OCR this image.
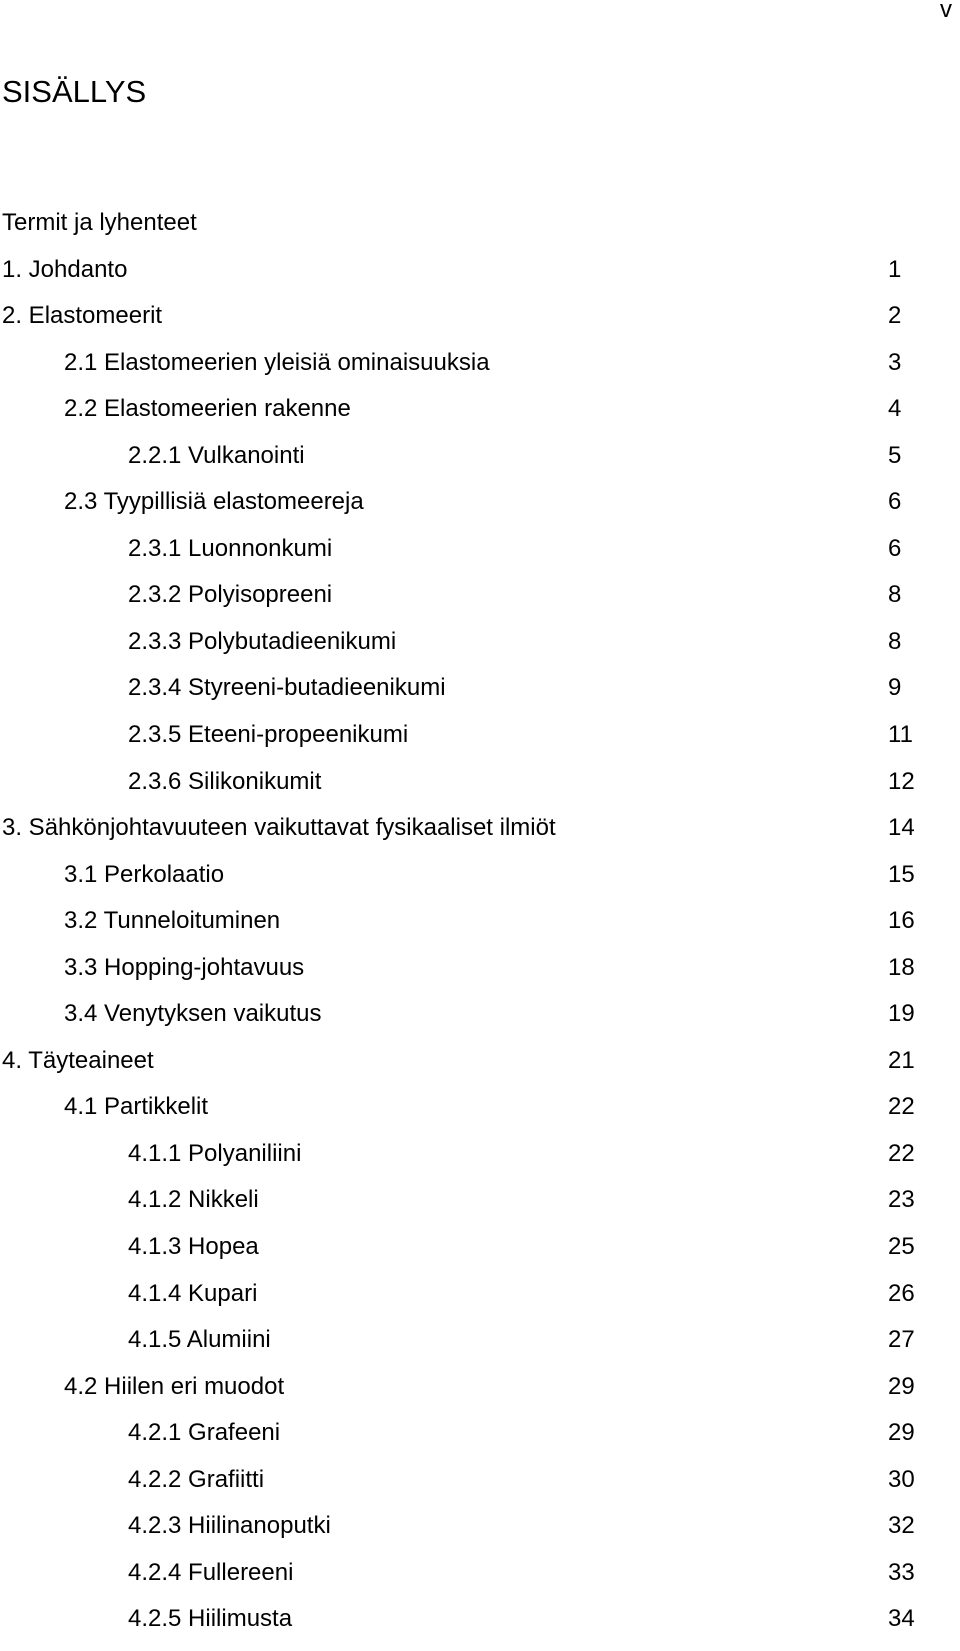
v
SISÄLLYS
Termit ja lyhenteet
1. Johdanto	1
2. Elastomeerit	2
2.1 Elastomeerien yleisiä ominaisuuksia	3
2.2 Elastomeerien rakenne	4
2.2.1 Vulkanointi	5
2.3 Tyypillisiä elastomeereja	6
2.3.1 Luonnonkumi	6
2.3.2 Polyisopreeni	8
2.3.3 Polybutadieenikumi	8
2.3.4 Styreeni-butadieenikumi	9
2.3.5 Eteeni-propeenikumi	11
2.3.6 Silikonikumit	12
3. Sähkönjohtavuuteen vaikuttavat fysikaaliset ilmiöt	14
3.1 Perkolaatio	15
3.2 Tunneloituminen	16
3.3 Hopping-johtavuus	18
3.4 Venytyksen vaikutus	19
4. Täyteaineet	21
4.1 Partikkelit	22
4.1.1 Polyaniliini	22
4.1.2 Nikkeli	23
4.1.3 Hopea	25
4.1.4 Kupari	26
4.1.5 Alumiini	27
4.2 Hiilen eri muodot	29
4.2.1 Grafeeni	29
4.2.2 Grafiitti	30
4.2.3 Hiilinanoputki	32
4.2.4 Fullereeni	33
4.2.5 Hiilimusta	34
